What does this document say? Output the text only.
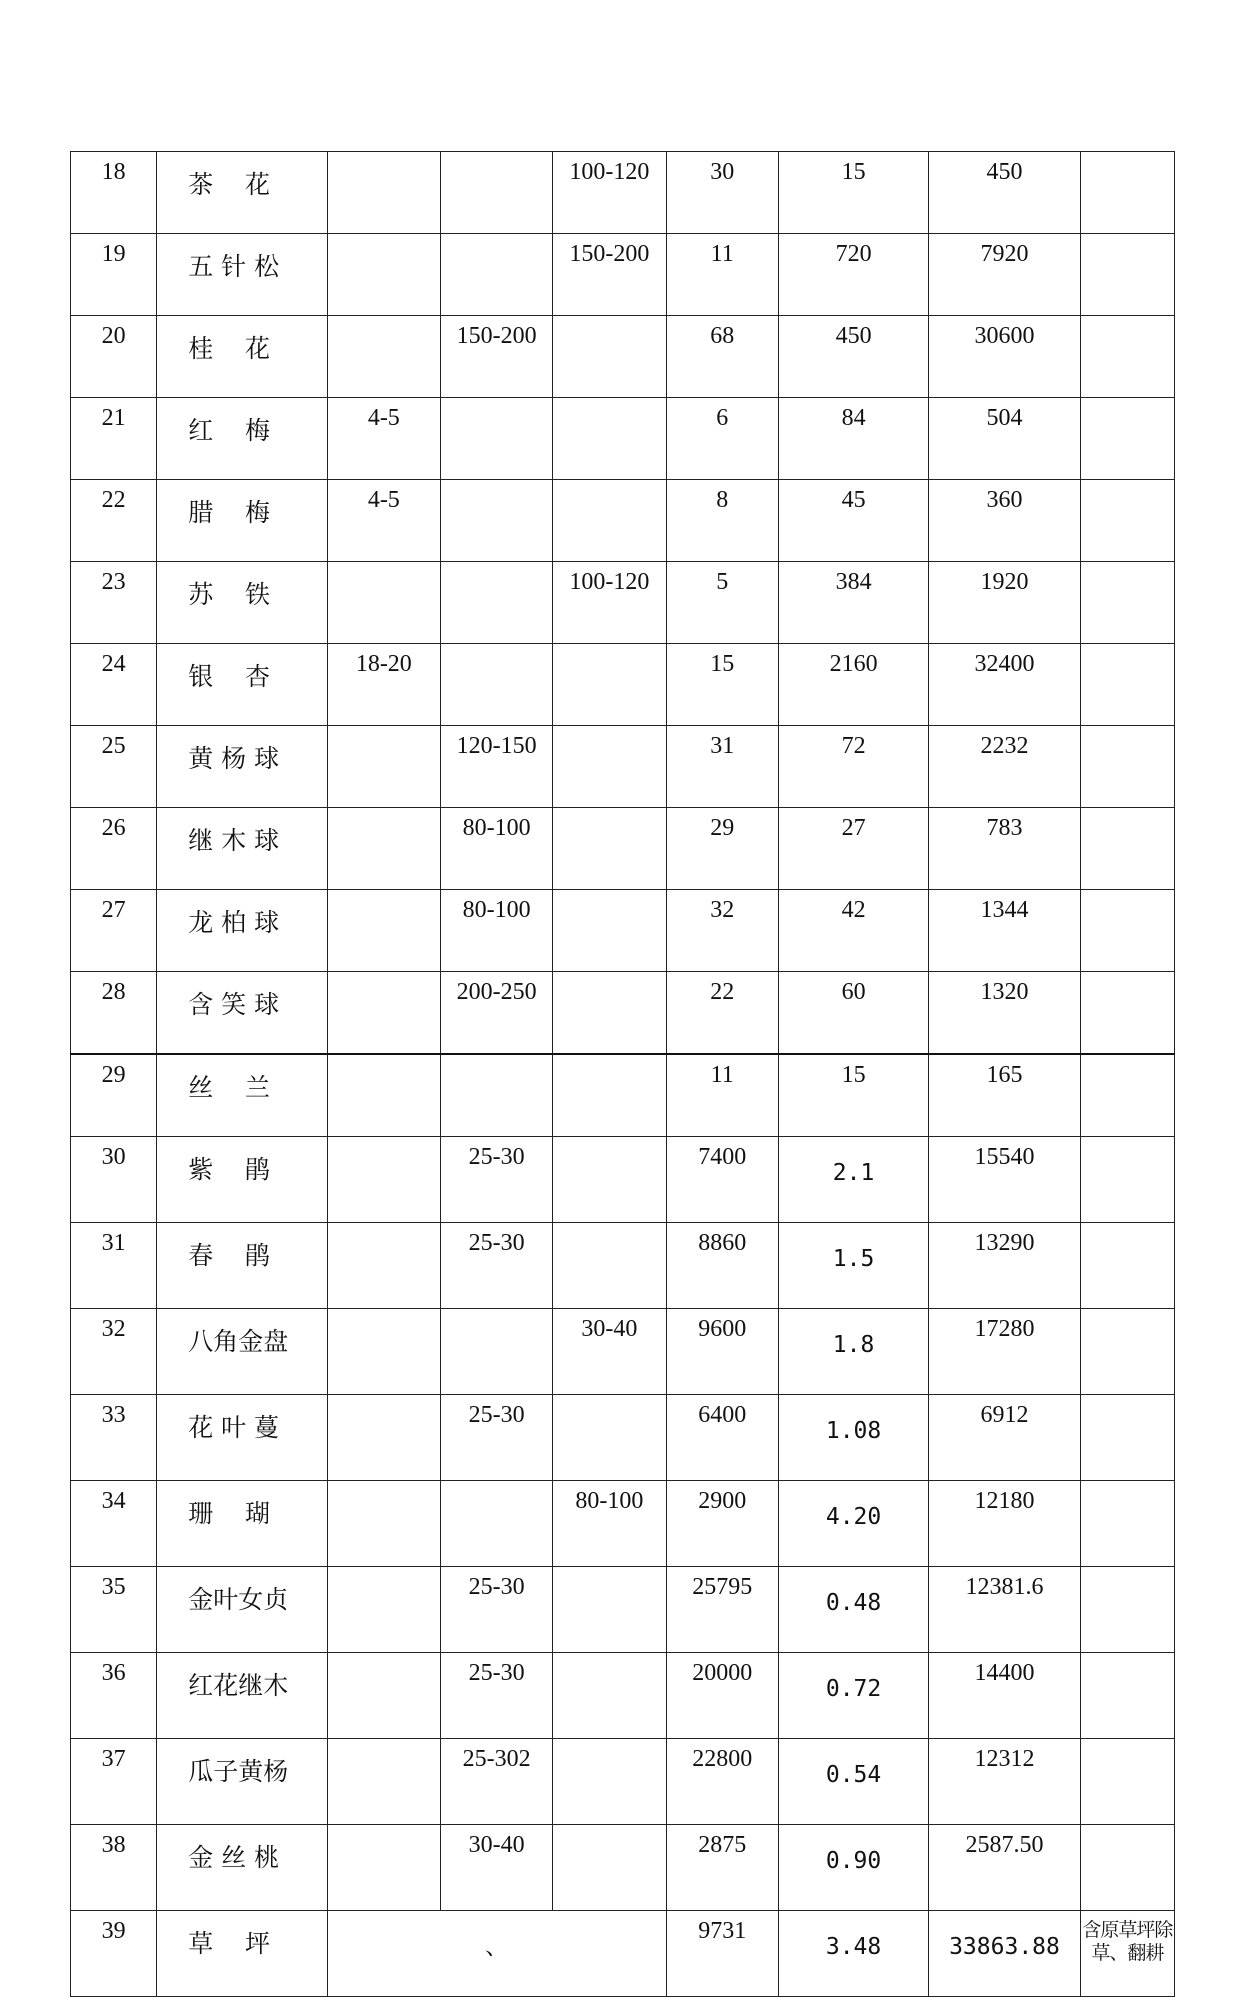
18	茶    花			100-120	30	15	450	
19	五 针 松			150-200	11	720	7920	
20	桂    花		150-200		68	450	30600	
21	红    梅	4-5			6	84	504	
22	腊    梅	4-5			8	45	360	
23	苏    铁			100-120	5	384	1920	
24	银    杏	18-20			15	2160	32400	
25	黄 杨 球		120-150		31	72	2232	
26	继 木 球		80-100		29	27	783	
27	龙 柏 球		80-100		32	42	1344	
28	含 笑 球		200-250		22	60	1320	
29	丝    兰				11	15	165	
30	紫    鹃		25-30		7400	2.1	15540	
31	春    鹃		25-30		8860	1.5	13290	
32	八角金盘			30-40	9600	1.8	17280	
33	花 叶 蔓		25-30		6400	1.08	6912	
34	珊    瑚			80-100	2900	4.20	12180	
35	金叶女贞		25-30		25795	0.48	12381.6	
36	红花继木		25-30		20000	0.72	14400	
37	瓜子黄杨		25-302		22800	0.54	12312	
38	金 丝 桃		30-40		2875	0.90	2587.50	
39	草    坪	、			9731	3.48	33863.88	含原草坪除草、翻耕
